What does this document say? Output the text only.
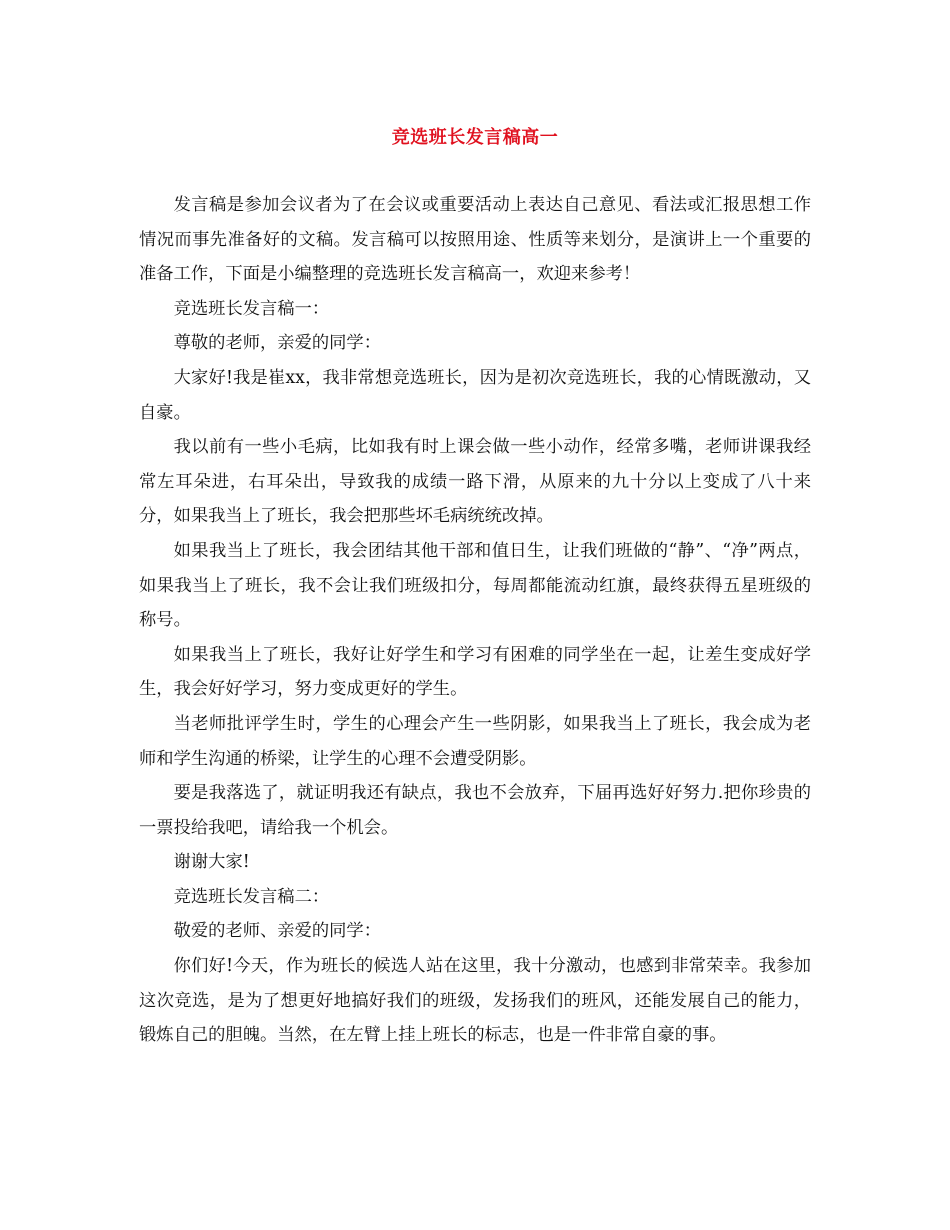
竞选班长发言稿高一

发言稿是参加会议者为了在会议或重要活动上表达自己意见、看法或汇报思想工作情况而事先准备好的文稿。发言稿可以按照用途、性质等来划分，是演讲上一个重要的准备工作，下面是小编整理的竞选班长发言稿高一，欢迎来参考！

竞选班长发言稿一：

尊敬的老师，亲爱的同学：

大家好!我是崔xx，我非常想竞选班长，因为是初次竞选班长，我的心情既激动，又自豪。

我以前有一些小毛病，比如我有时上课会做一些小动作，经常多嘴，老师讲课我经常左耳朵进，右耳朵出，导致我的成绩一路下滑，从原来的九十分以上变成了八十来分，如果我当上了班长，我会把那些坏毛病统统改掉。

如果我当上了班长，我会团结其他干部和值日生，让我们班做的“静”、“净”两点，如果我当上了班长，我不会让我们班级扣分，每周都能流动红旗，最终获得五星班级的称号。

如果我当上了班长，我好让好学生和学习有困难的同学坐在一起，让差生变成好学生，我会好好学习，努力变成更好的学生。

当老师批评学生时，学生的心理会产生一些阴影，如果我当上了班长，我会成为老师和学生沟通的桥梁，让学生的心理不会遭受阴影。

要是我落选了，就证明我还有缺点，我也不会放弃，下届再选好好努力.把你珍贵的一票投给我吧，请给我一个机会。

谢谢大家!

竞选班长发言稿二：

敬爱的老师、亲爱的同学：

你们好!今天，作为班长的候选人站在这里，我十分激动，也感到非常荣幸。我参加这次竞选，是为了想更好地搞好我们的班级，发扬我们的班风，还能发展自己的能力，锻炼自己的胆魄。当然，在左臂上挂上班长的标志，也是一件非常自豪的事。
